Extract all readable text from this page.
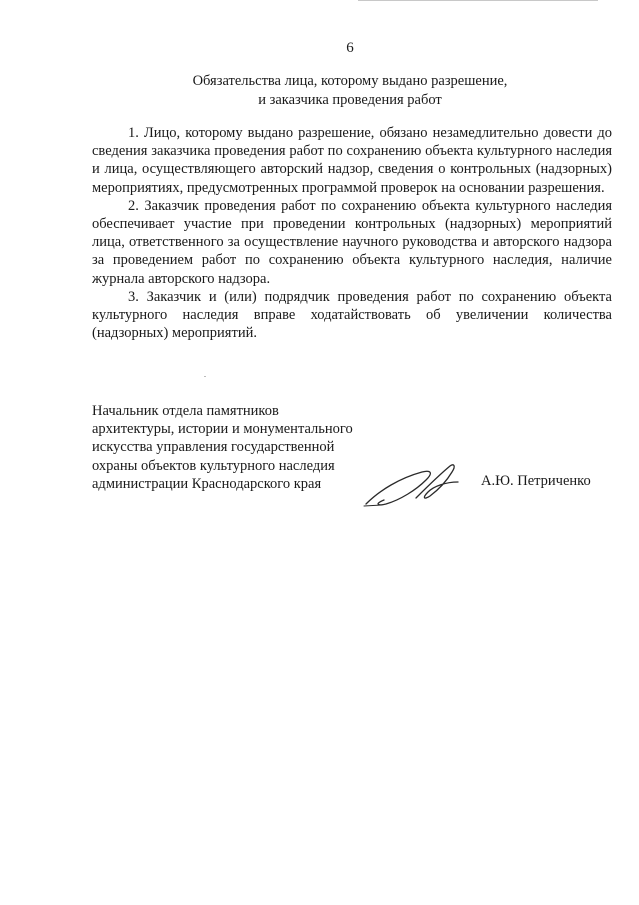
6
Обязательства лица, которому выдано разрешение,
и заказчика проведения работ

1. Лицо, которому выдано разрешение, обязано незамедлительно довести до сведения заказчика проведения работ по сохранению объекта культурного наследия и лица, осуществляющего авторский надзор, сведения о контрольных (надзорных) мероприятиях, предусмотренных программой проверок на основании разрешения.

2. Заказчик проведения работ по сохранению объекта культурного наследия обеспечивает участие при проведении контрольных (надзорных) мероприятий лица, ответственного за осуществление научного руководства и авторского надзора за проведением работ по сохранению объекта культурного наследия, наличие журнала авторского надзора.

3. Заказчик и (или) подрядчик проведения работ по сохранению объекта культурного наследия вправе ходатайствовать об увеличении количества (надзорных) мероприятий.

Начальник отдела памятников
архитектуры, истории и монументального
искусства управления государственной
охраны объектов культурного наследия
администрации Краснодарского края	А.Ю. Петриченко
